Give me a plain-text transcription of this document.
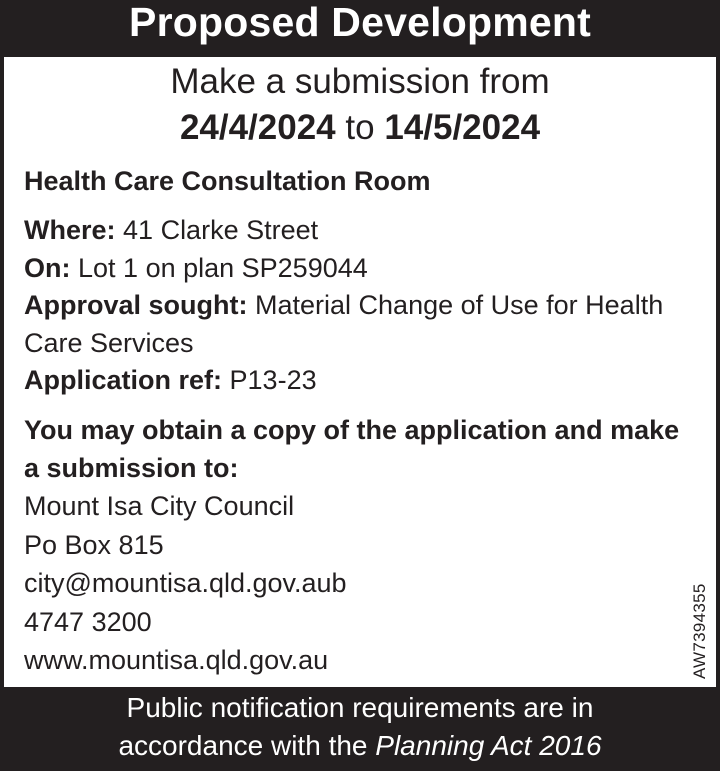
Proposed Development
Make a submission from
24/4/2024 to 14/5/2024
Health Care Consultation Room
Where: 41 Clarke Street
On: Lot 1 on plan SP259044
Approval sought: Material Change of Use for Health Care Services
Application ref: P13-23
You may obtain a copy of the application and make a submission to:
Mount Isa City Council
Po Box 815
city@mountisa.qld.gov.aub
4747 3200
www.mountisa.qld.gov.au	AW7394355
Public notification requirements are in
accordance with the Planning Act 2016
